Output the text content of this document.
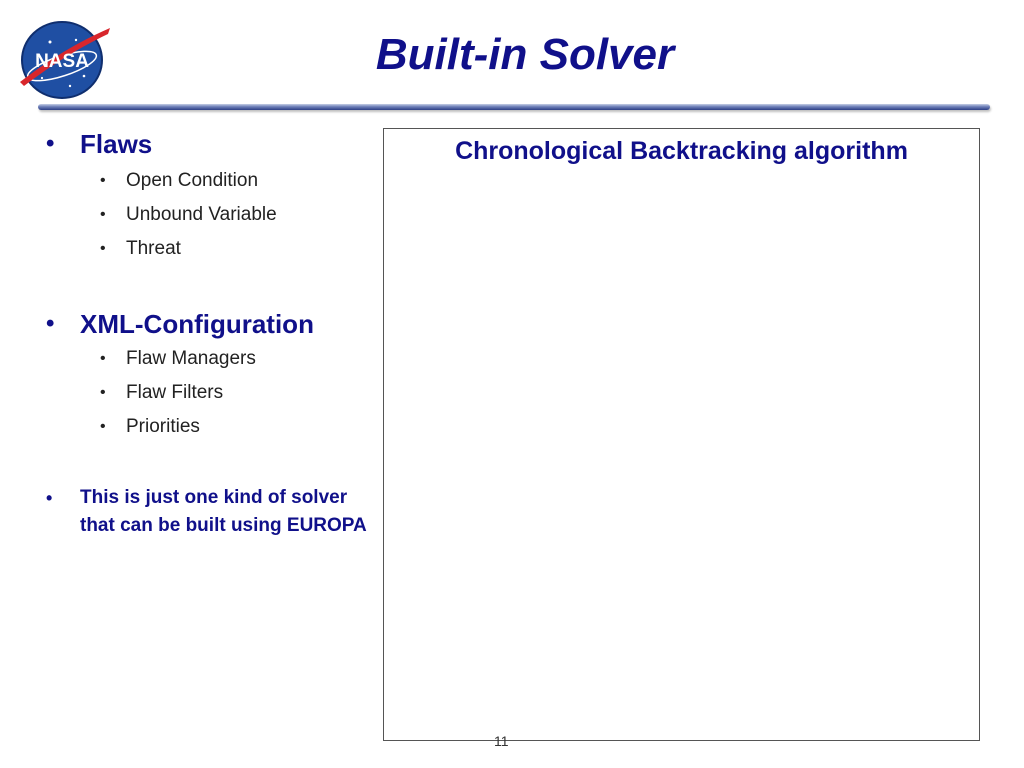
NASA	Built-in Solver
• Flaws
• Open Condition
• Unbound Variable
• Threat
• XML-Configuration
• Flaw Managers
• Flaw Filters
• Priorities
• This is just one kind of solver that can be built using EUROPA
Chronological Backtracking algorithm
11
